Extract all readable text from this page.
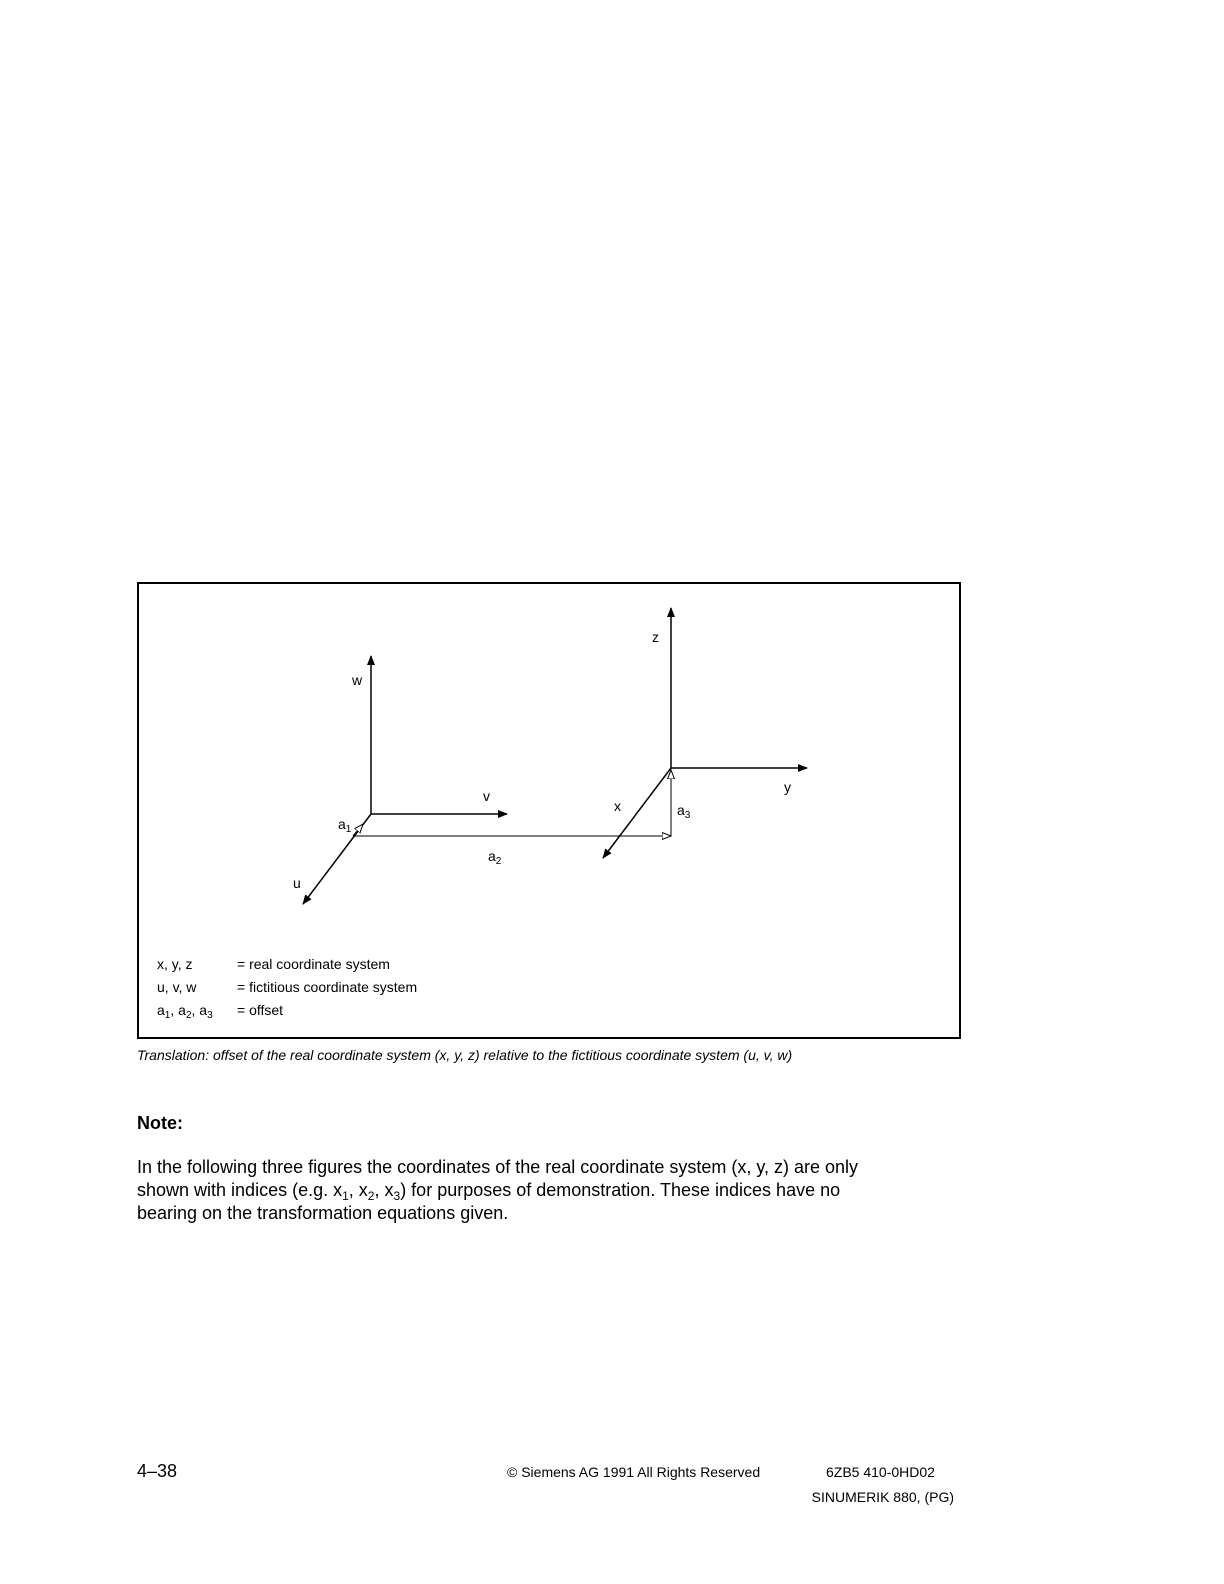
w
v
u
z
y
x
$a_1$
$a_2$
$a_3$
x, y, z	= real coordinate system
u, v, w	= fictitious coordinate system
$a_1$, $a_2$, $a_3$ = offset
Translation: offset of the real coordinate system (x, y, z) relative to the fictitious coordinate system (u, v, w)
Note:
In the following three figures the coordinates of the real coordinate system (x, y, z) are only
shown with indices (e.g. $x_1$, $x_2$, $x_3$) for purposes of demonstration. These indices have no
bearing on the transformation equations given.
4–38	© Siemens AG 1991 All Rights Reserved	6ZB5 410-0HD02
SINUMERIK 880, (PG)
